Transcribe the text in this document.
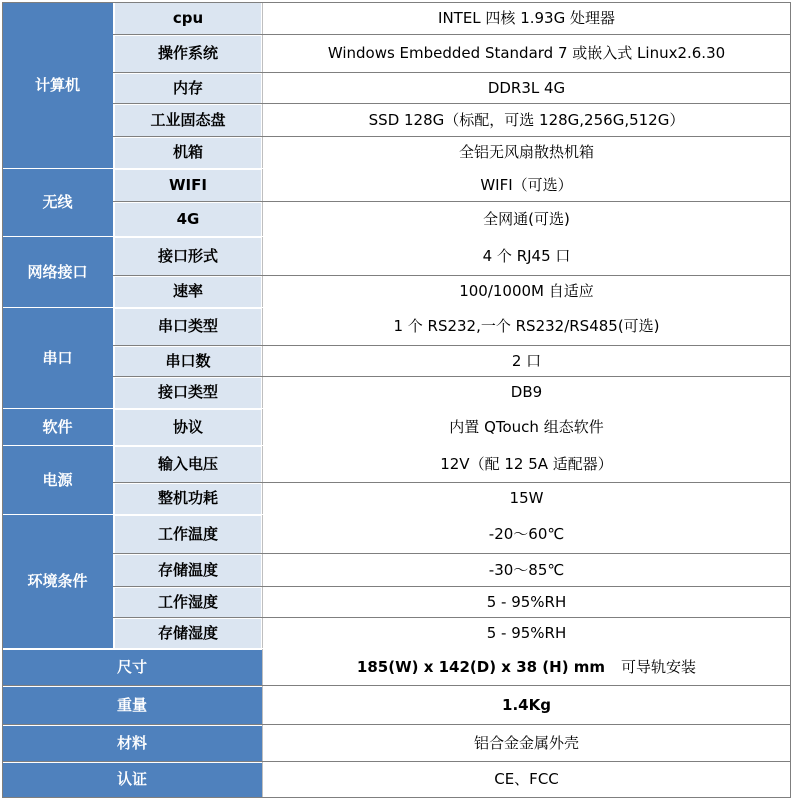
计算机
cpu	INTEL 四核 1.93G 处理器
操作系统	Windows Embedded Standard 7 或嵌入式 Linux2.6.30
内存	DDR3L 4G
工业固态盘	SSD 128G（标配，可选 128G,256G,512G）
机箱	全铝无风扇散热机箱
无线
WIFI	WIFI（可选）
4G	全网通(可选)
网络接口
接口形式	4 个 RJ45 口
速率	100/1000M 自适应
串口
串口类型	1 个 RS232,一个 RS232/RS485(可选)
串口数	2 口
接口类型	DB9
软件	协议	内置 QTouch 组态软件
电源
输入电压	12V（配 12 5A 适配器）
整机功耗	15W
环境条件
工作温度	-20～60℃
存储温度	-30～85℃
工作湿度	5 - 95%RH
存储湿度	5 - 95%RH
尺寸	185(W) x 142(D) x 38 (H) mm 可导轨安装
重量	1.4Kg
材料	铝合金金属外壳
认证	CE、FCC
